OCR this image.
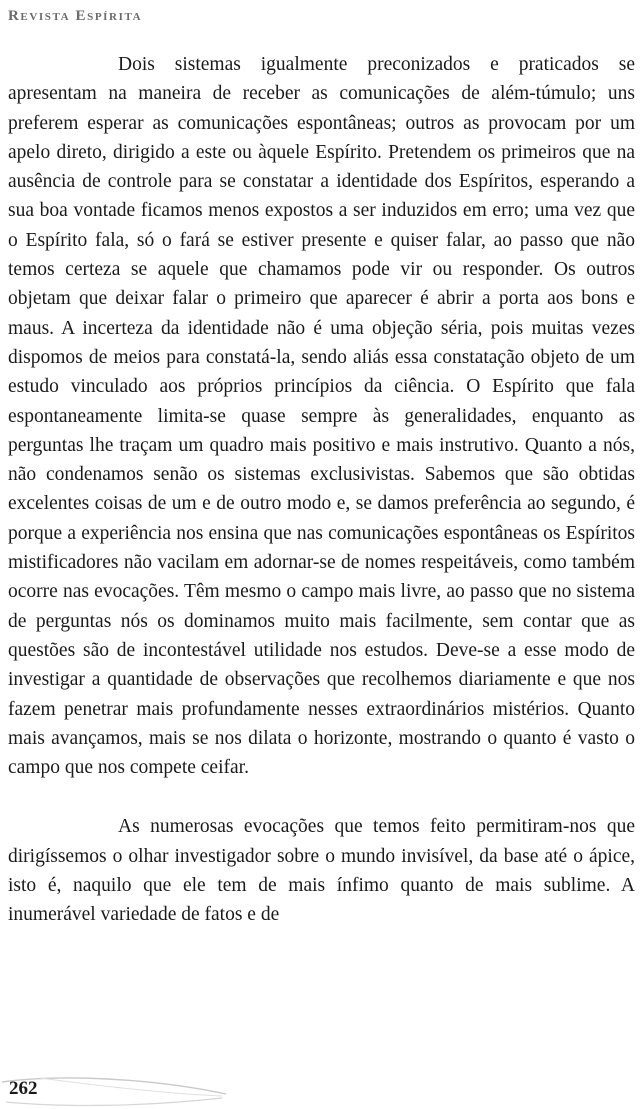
Revista Espírita

Dois sistemas igualmente preconizados e praticados se apresentam na maneira de receber as comunicações de além-túmulo; uns preferem esperar as comunicações espontâneas; outros as provocam por um apelo direto, dirigido a este ou àquele Espírito. Pretendem os primeiros que na ausência de controle para se constatar a identidade dos Espíritos, esperando a sua boa vontade ficamos menos expostos a ser induzidos em erro; uma vez que o Espírito fala, só o fará se estiver presente e quiser falar, ao passo que não temos certeza se aquele que chamamos pode vir ou responder. Os outros objetam que deixar falar o primeiro que aparecer é abrir a porta aos bons e maus. A incerteza da identidade não é uma objeção séria, pois muitas vezes dispomos de meios para constatá-la, sendo aliás essa constatação objeto de um estudo vinculado aos próprios princípios da ciência. O Espírito que fala espontaneamente limita-se quase sempre às generalidades, enquanto as perguntas lhe traçam um quadro mais positivo e mais instrutivo. Quanto a nós, não condenamos senão os sistemas exclusivistas. Sabemos que são obtidas excelentes coisas de um e de outro modo e, se damos preferência ao segundo, é porque a experiência nos ensina que nas comunicações espontâneas os Espíritos mistificadores não vacilam em adornar-se de nomes respeitáveis, como também ocorre nas evocações. Têm mesmo o campo mais livre, ao passo que no sistema de perguntas nós os dominamos muito mais facilmente, sem contar que as questões são de incontestável utilidade nos estudos. Deve-se a esse modo de investigar a quantidade de observações que recolhemos diariamente e que nos fazem penetrar mais profundamente nesses extraordinários mistérios. Quanto mais avançamos, mais se nos dilata o horizonte, mostrando o quanto é vasto o campo que nos compete ceifar.

As numerosas evocações que temos feito permitiram-nos que dirigíssemos o olhar investigador sobre o mundo invisível, da base até o ápice, isto é, naquilo que ele tem de mais ínfimo quanto de mais sublime. A inumerável variedade de fatos e de

262
